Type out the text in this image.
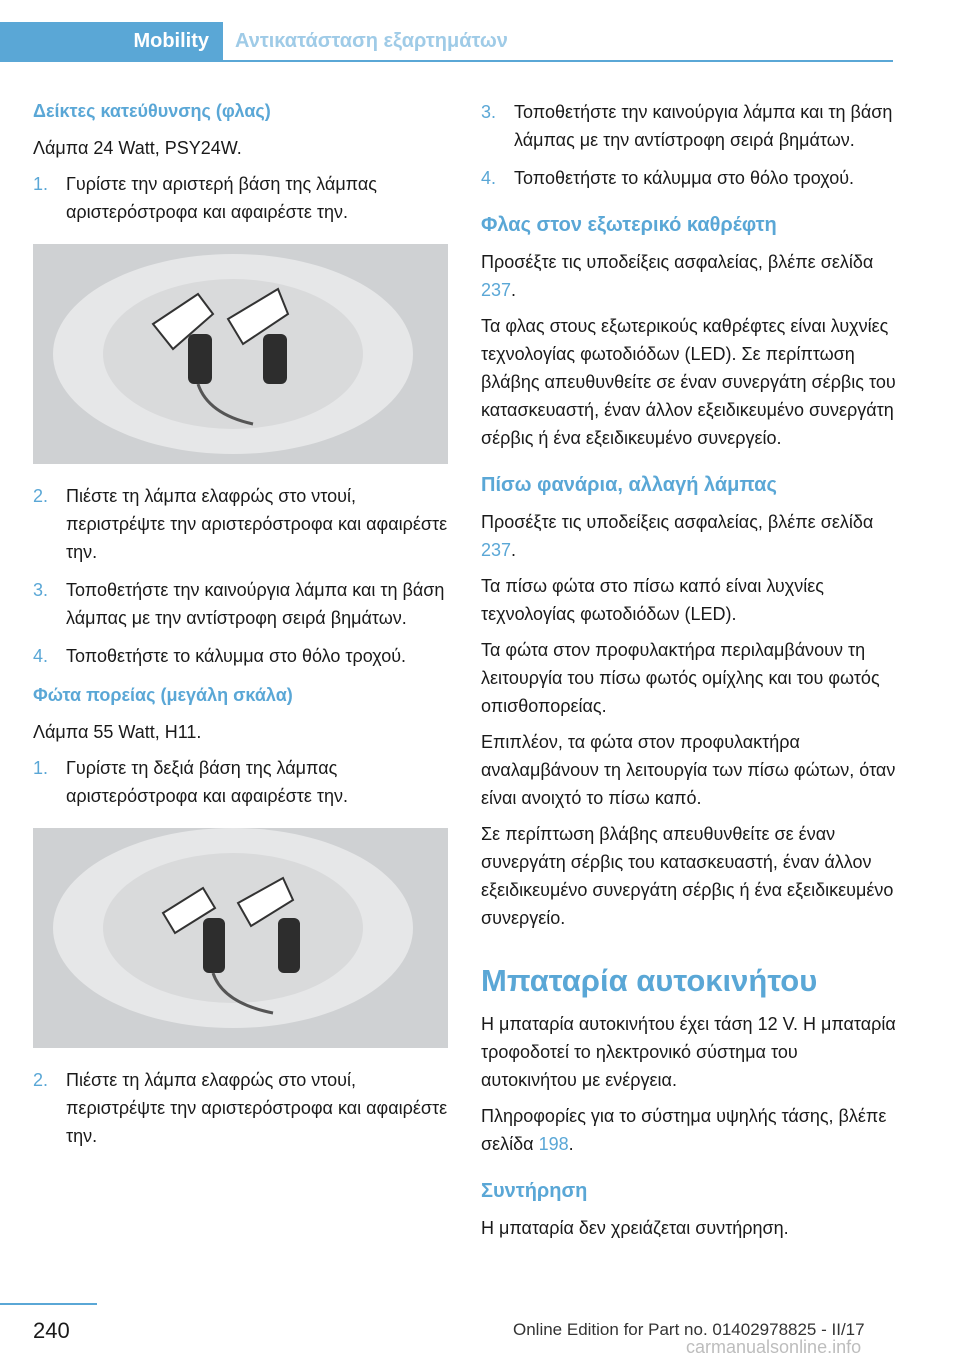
Mobility	Αντικατάσταση εξαρτημάτων
Δείκτες κατεύθυνσης (φλας)
Λάμπα 24 Watt, PSY24W.
1. Γυρίστε την αριστερή βάση της λάμπας αριστερόστροφα και αφαιρέστε την.
2. Πιέστε τη λάμπα ελαφρώς στο ντουί, περιστρέψτε την αριστερόστροφα και αφαιρέστε την.
3. Τοποθετήστε την καινούργια λάμπα και τη βάση λάμπας με την αντίστροφη σειρά βημάτων.
4. Τοποθετήστε το κάλυμμα στο θόλο τροχού.
Φώτα πορείας (μεγάλη σκάλα)
Λάμπα 55 Watt, H11.
1. Γυρίστε τη δεξιά βάση της λάμπας αριστερόστροφα και αφαιρέστε την.
2. Πιέστε τη λάμπα ελαφρώς στο ντουί, περιστρέψτε την αριστερόστροφα και αφαιρέστε την.
3. Τοποθετήστε την καινούργια λάμπα και τη βάση λάμπας με την αντίστροφη σειρά βημάτων.
4. Τοποθετήστε το κάλυμμα στο θόλο τροχού.
Φλας στον εξωτερικό καθρέφτη
Προσέξτε τις υποδείξεις ασφαλείας, βλέπε σελίδα 237.
Τα φλας στους εξωτερικούς καθρέφτες είναι λυχνίες τεχνολογίας φωτοδιόδων (LED). Σε περίπτωση βλάβης απευθυνθείτε σε έναν συνεργάτη σέρβις του κατασκευαστή, έναν άλλον εξειδικευμένο συνεργάτη σέρβις ή ένα εξειδικευμένο συνεργείο.
Πίσω φανάρια, αλλαγή λάμπας
Προσέξτε τις υποδείξεις ασφαλείας, βλέπε σελίδα 237.
Τα πίσω φώτα στο πίσω καπό είναι λυχνίες τεχνολογίας φωτοδιόδων (LED).
Τα φώτα στον προφυλακτήρα περιλαμβάνουν τη λειτουργία του πίσω φωτός ομίχλης και του φωτός οπισθοπορείας.
Επιπλέον, τα φώτα στον προφυλακτήρα αναλαμβάνουν τη λειτουργία των πίσω φώτων, όταν είναι ανοιχτό το πίσω καπό.
Σε περίπτωση βλάβης απευθυνθείτε σε έναν συνεργάτη σέρβις του κατασκευαστή, έναν άλλον εξειδικευμένο συνεργάτη σέρβις ή ένα εξειδικευμένο συνεργείο.
Μπαταρία αυτοκινήτου
Η μπαταρία αυτοκινήτου έχει τάση 12 V. Η μπαταρία τροφοδοτεί το ηλεκτρονικό σύστημα του αυτοκινήτου με ενέργεια.
Πληροφορίες για το σύστημα υψηλής τάσης, βλέπε σελίδα 198.
Συντήρηση
Η μπαταρία δεν χρειάζεται συντήρηση.
240	Online Edition for Part no. 01402978825 - II/17
carmanualsonline.info
